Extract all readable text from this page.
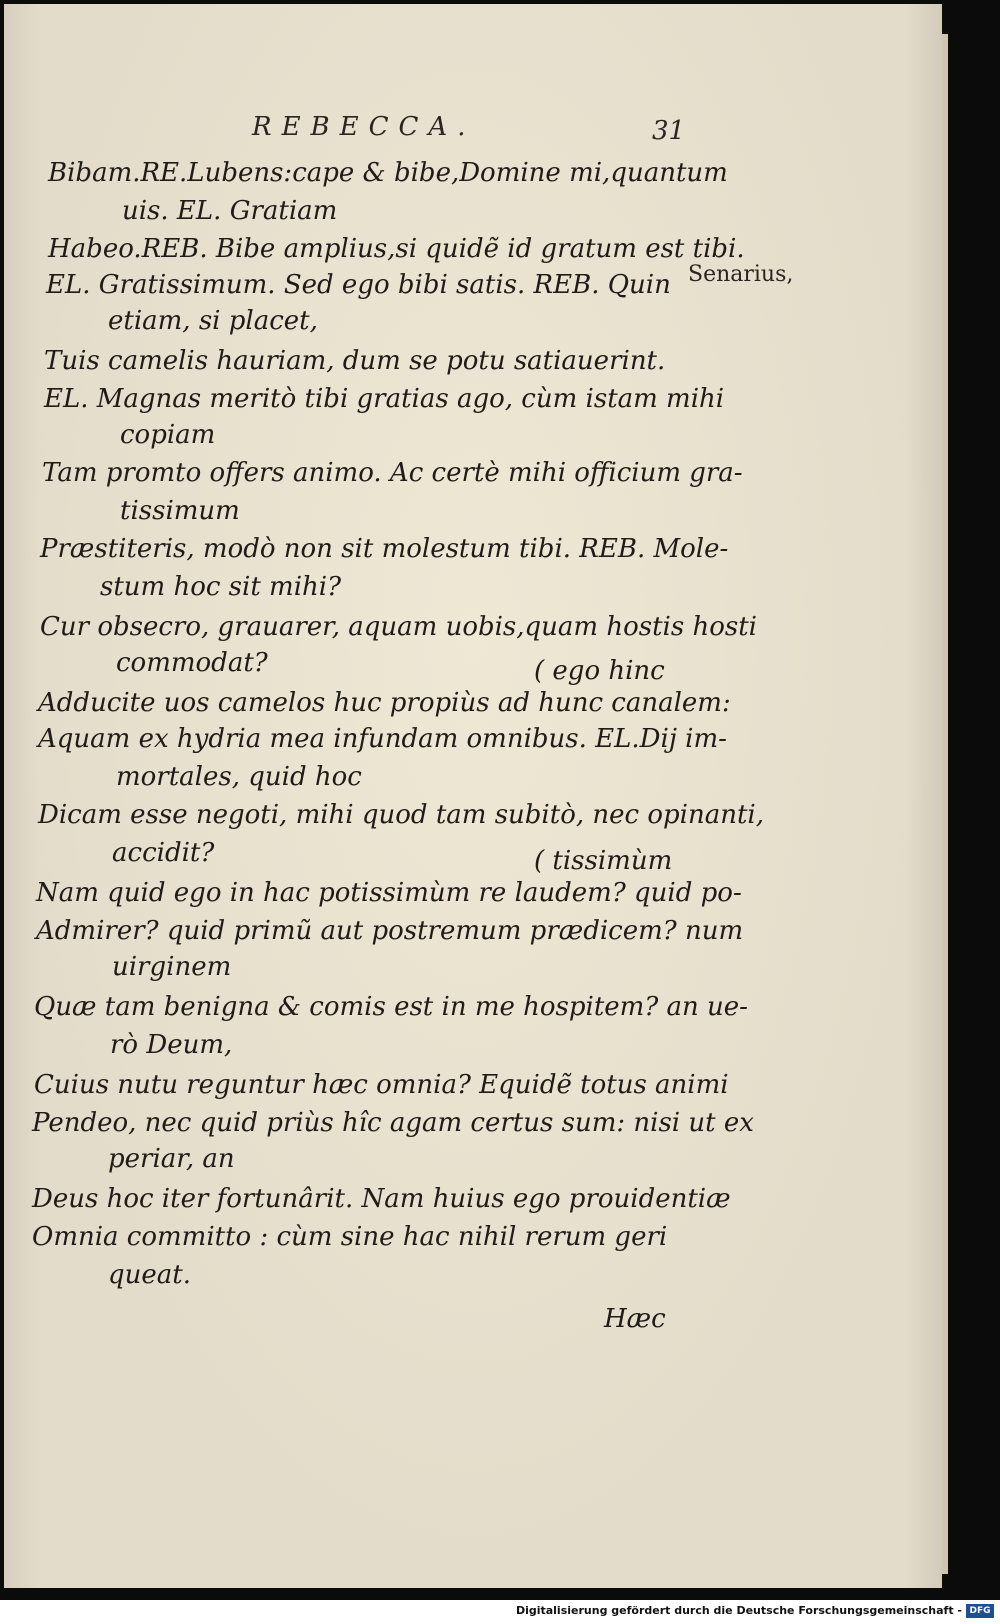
REBECCA.	31
Senarius,
Bibam.RE.Lubens:cape & bibe,Domine mi,quantum
uis. EL. Gratiam
Habeo.REB. Bibe amplius,si quidẽ id gratum est tibi.
EL. Gratissimum. Sed ego bibi satis. REB. Quin
etiam, si placet,
Tuis camelis hauriam, dum se potu satiauerint.
EL. Magnas meritò tibi gratias ago, cùm istam mihi
copiam
Tam promto offers animo. Ac certè mihi officium gra-
tissimum
Præstiteris, modò non sit molestum tibi. REB. Mole-
stum hoc sit mihi?
Cur obsecro, grauarer, aquam uobis,quam hostis hosti
commodat?	( ego hinc
Adducite uos camelos huc propiùs ad hunc canalem:
Aquam ex hydria mea infundam omnibus. EL.Dij im-
mortales, quid hoc
Dicam esse negoti, mihi quod tam subitò, nec opinanti,
accidit?	( tissimùm
Nam quid ego in hac potissimùm re laudem? quid po-
Admirer? quid primũ aut postremum prædicem? num
uirginem
Quæ tam benigna & comis est in me hospitem? an ue-
rò Deum,
Cuius nutu reguntur hæc omnia? Equidẽ totus animi
Pendeo, nec quid priùs hîc agam certus sum: nisi ut ex
periar, an
Deus hoc iter fortunârit. Nam huius ego prouidentiæ
Omnia committo : cùm sine hac nihil rerum geri
queat.
Hæc
Digitalisierung gefördert durch die Deutsche Forschungsgemeinschaft - DFG
